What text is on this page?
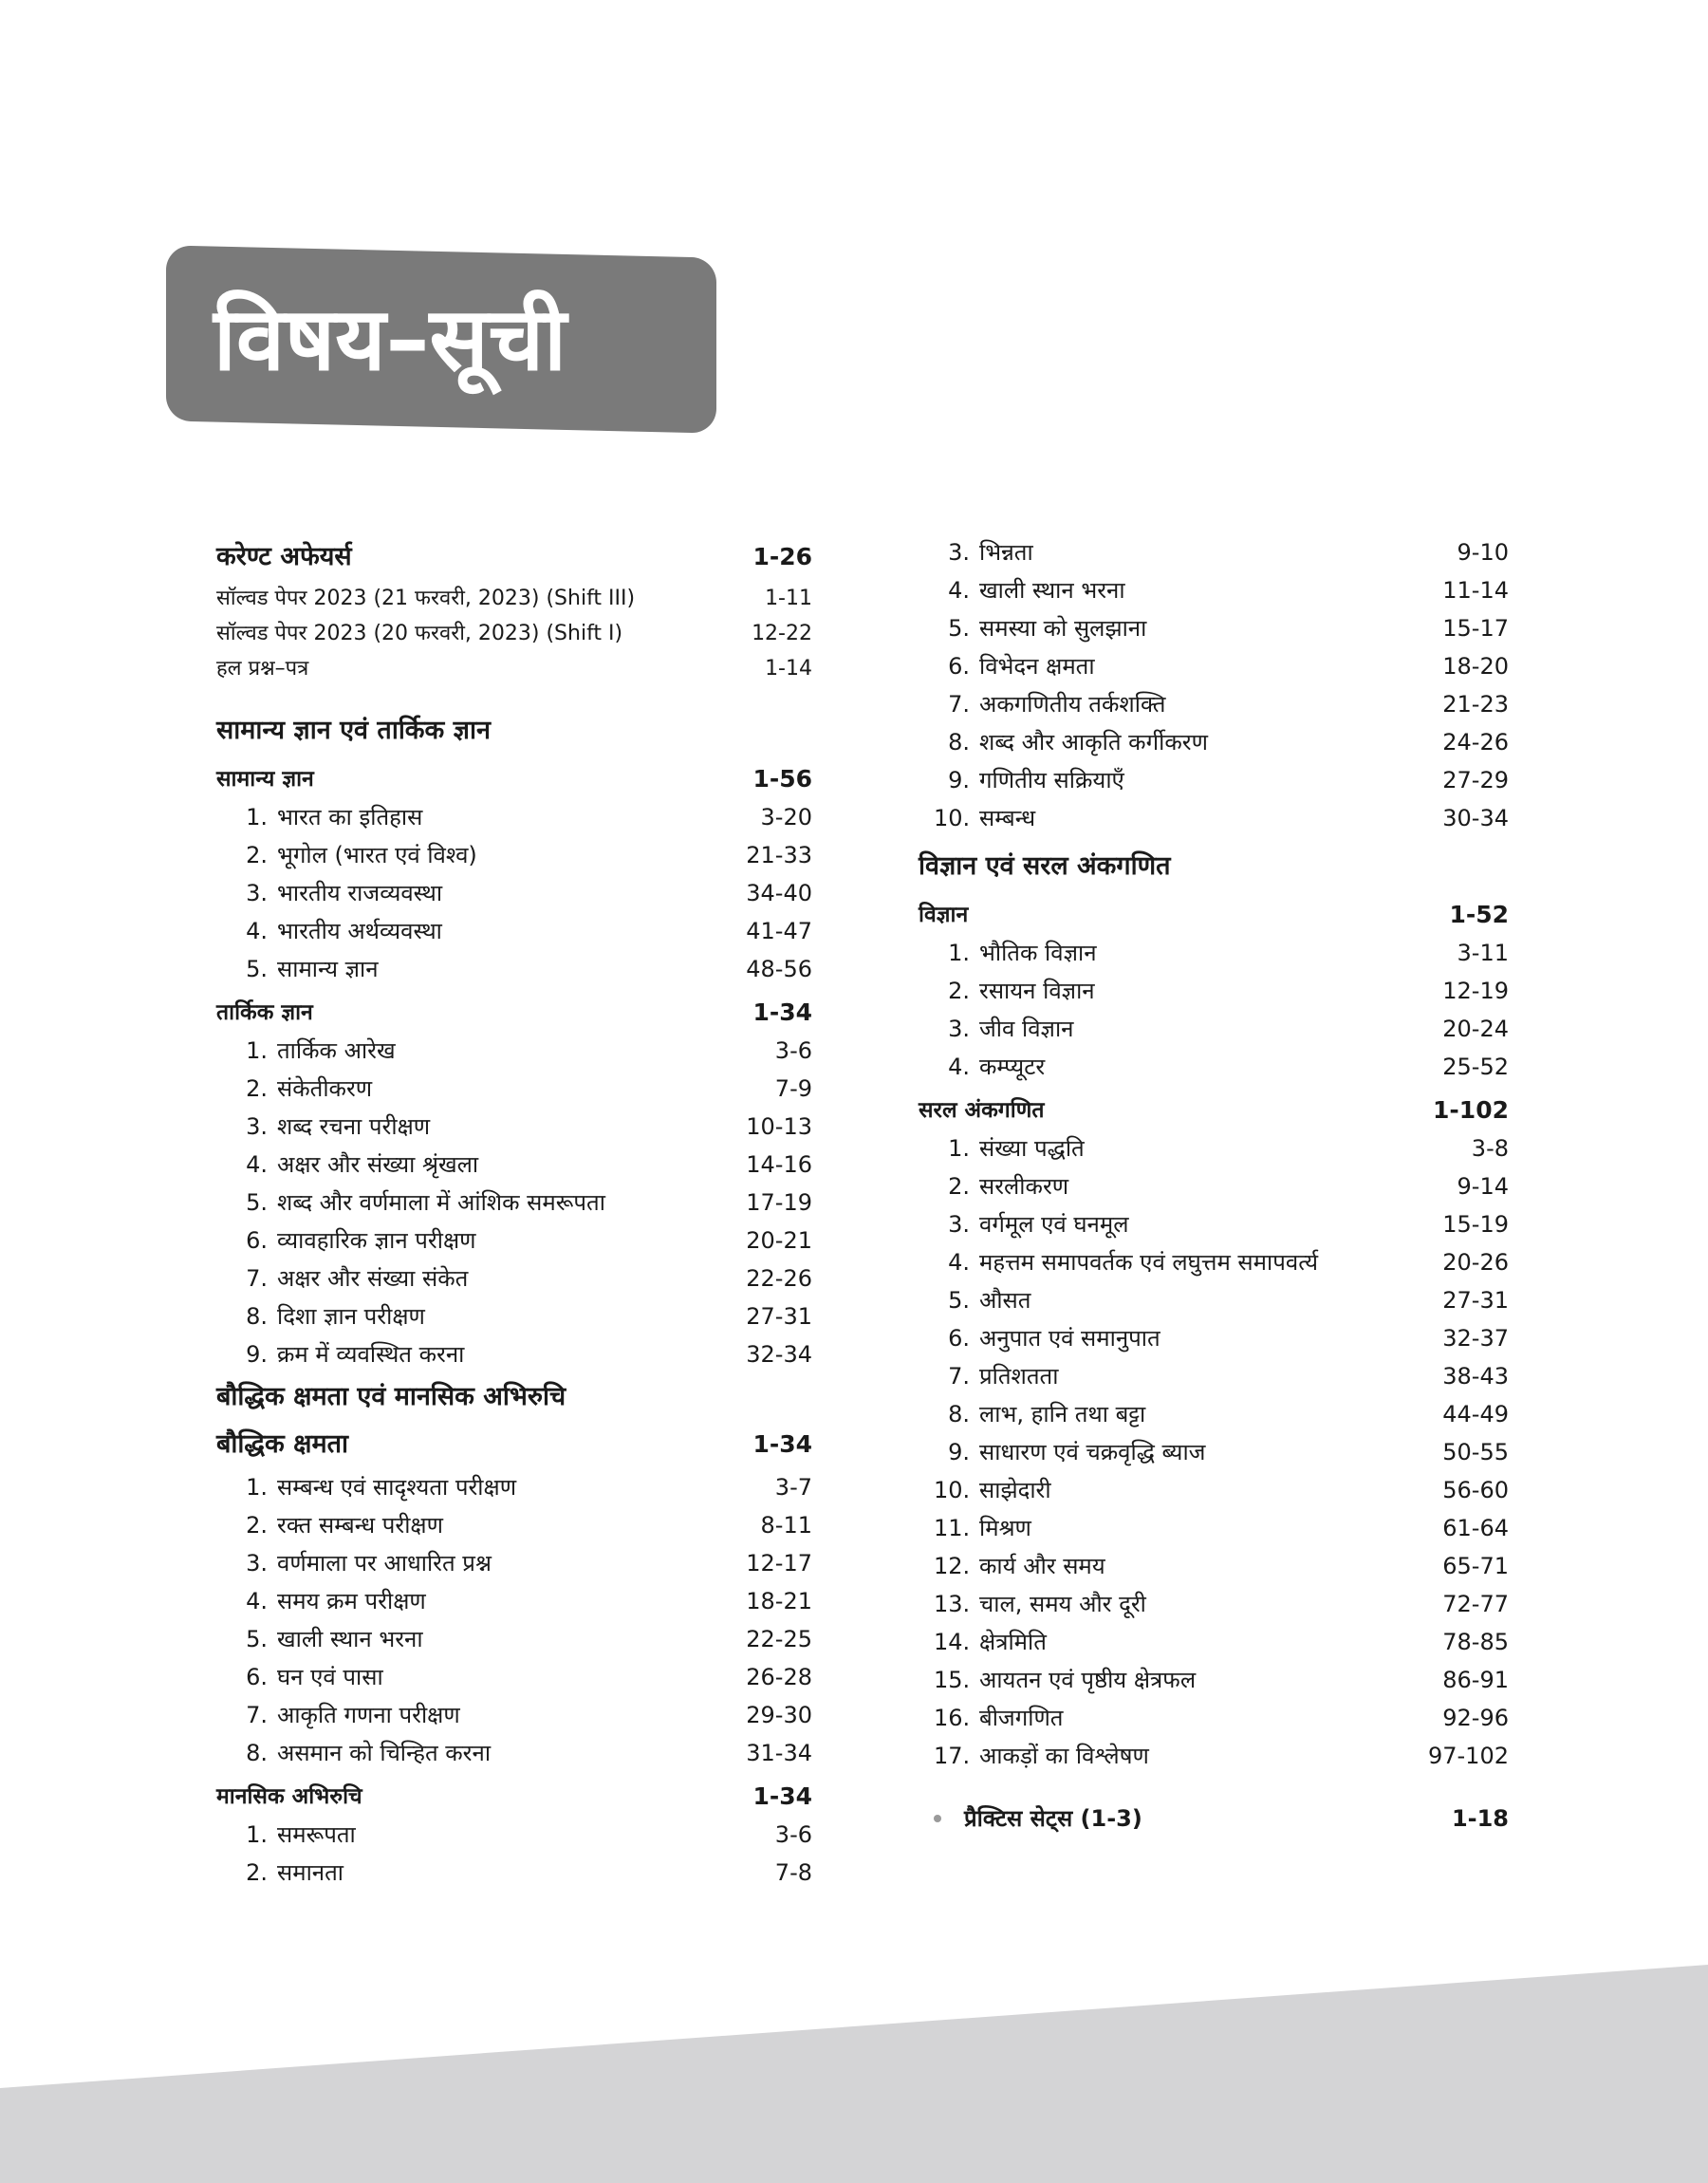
विषय–सूची
करेण्ट अफेयर्स	1-26
सॉल्वड पेपर 2023 (21 फरवरी, 2023) (Shift III)	1-11
सॉल्वड पेपर 2023 (20 फरवरी, 2023) (Shift I)	12-22
हल प्रश्न–पत्र	1-14
सामान्य ज्ञान एवं तार्किक ज्ञान
सामान्य ज्ञान	1-56
1. भारत का इतिहास	3-20
2. भूगोल (भारत एवं विश्व)	21-33
3. भारतीय राजव्यवस्था	34-40
4. भारतीय अर्थव्यवस्था	41-47
5. सामान्य ज्ञान	48-56
तार्किक ज्ञान	1-34
1. तार्किक आरेख	3-6
2. संकेतीकरण	7-9
3. शब्द रचना परीक्षण	10-13
4. अक्षर और संख्या श्रृंखला	14-16
5. शब्द और वर्णमाला में आंशिक समरूपता	17-19
6. व्यावहारिक ज्ञान परीक्षण	20-21
7. अक्षर और संख्या संकेत	22-26
8. दिशा ज्ञान परीक्षण	27-31
9. क्रम में व्यवस्थित करना	32-34
बौद्धिक क्षमता एवं मानसिक अभिरुचि
बौद्धिक क्षमता	1-34
1. सम्बन्ध एवं सादृश्यता परीक्षण	3-7
2. रक्त सम्बन्ध परीक्षण	8-11
3. वर्णमाला पर आधारित प्रश्न	12-17
4. समय क्रम परीक्षण	18-21
5. खाली स्थान भरना	22-25
6. घन एवं पासा	26-28
7. आकृति गणना परीक्षण	29-30
8. असमान को चिन्हित करना	31-34
मानसिक अभिरुचि	1-34
1. समरूपता	3-6
2. समानता	7-8
3. भिन्नता	9-10
4. खाली स्थान भरना	11-14
5. समस्या को सुलझाना	15-17
6. विभेदन क्षमता	18-20
7. अकगणितीय तर्कशक्ति	21-23
8. शब्द और आकृति कर्गीकरण	24-26
9. गणितीय सक्रियाएँ	27-29
10. सम्बन्ध	30-34
विज्ञान एवं सरल अंकगणित
विज्ञान	1-52
1. भौतिक विज्ञान	3-11
2. रसायन विज्ञान	12-19
3. जीव विज्ञान	20-24
4. कम्प्यूटर	25-52
सरल अंकगणित	1-102
1. संख्या पद्धति	3-8
2. सरलीकरण	9-14
3. वर्गमूल एवं घनमूल	15-19
4. महत्तम समापवर्तक एवं लघुत्तम समापवर्त्य	20-26
5. औसत	27-31
6. अनुपात एवं समानुपात	32-37
7. प्रतिशतता	38-43
8. लाभ, हानि तथा बट्टा	44-49
9. साधारण एवं चक्रवृद्धि ब्याज	50-55
10. साझेदारी	56-60
11. मिश्रण	61-64
12. कार्य और समय	65-71
13. चाल, समय और दूरी	72-77
14. क्षेत्रमिति	78-85
15. आयतन एवं पृष्ठीय क्षेत्रफल	86-91
16. बीजगणित	92-96
17. आकड़ों का विश्लेषण	97-102
प्रैक्टिस सेट्स (1-3)	1-18
